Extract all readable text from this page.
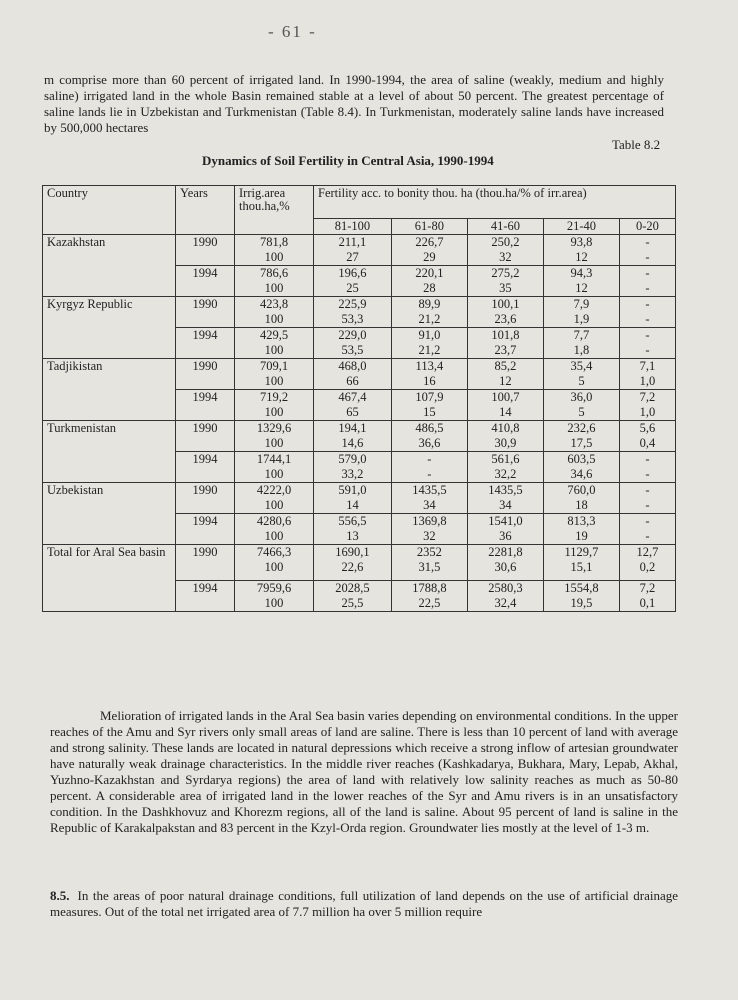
- 61 -
m comprise more than 60 percent of irrigated land. In 1990-1994, the area of saline (weakly, medium and highly saline) irrigated land in the whole Basin remained stable at a level of about 50 percent. The greatest percentage of saline lands lie in Uzbekistan and Turkmenistan (Table 8.4). In Turkmenistan, moderately saline lands have increased by 500,000 hectares
Table 8.2
Dynamics of Soil Fertility in Central Asia, 1990-1994
Country	Years	Irrig.area thou.ha,%	Fertility acc. to bonity thou. ha (thou.ha/% of irr.area)				
			81-100	61-80	41-60	21-40	0-20
Kazakhstan	1990	781,8	211,1	226,7	250,2	93,8	-
		100	27	29	32	12	-
	1994	786,6	196,6	220,1	275,2	94,3	-
		100	25	28	35	12	-
Kyrgyz Republic	1990	423,8	225,9	89,9	100,1	7,9	-
		100	53,3	21,2	23,6	1,9	-
	1994	429,5	229,0	91,0	101,8	7,7	-
		100	53,5	21,2	23,7	1,8	-
Tadjikistan	1990	709,1	468,0	113,4	85,2	35,4	7,1
		100	66	16	12	5	1,0
	1994	719,2	467,4	107,9	100,7	36,0	7,2
		100	65	15	14	5	1,0
Turkmenistan	1990	1329,6	194,1	486,5	410,8	232,6	5,6
		100	14,6	36,6	30,9	17,5	0,4
	1994	1744,1	579,0	-	561,6	603,5	-
		100	33,2	-	32,2	34,6	-
Uzbekistan	1990	4222,0	591,0	1435,5	1435,5	760,0	-
		100	14	34	34	18	-
	1994	4280,6	556,5	1369,8	1541,0	813,3	-
		100	13	32	36	19	-
Total for Aral Sea basin	1990	7466,3	1690,1	2352	2281,8	1129,7	12,7
		100	22,6	31,5	30,6	15,1	0,2
	1994	7959,6	2028,5	1788,8	2580,3	1554,8	7,2
		100	25,5	22,5	32,4	19,5	0,1
Melioration of irrigated lands in the Aral Sea basin varies depending on environmental conditions. In the upper reaches of the Amu and Syr rivers only small areas of land are saline. There is less than 10 percent of land with average and strong salinity. These lands are located in natural depressions which receive a strong inflow of artesian groundwater have naturally weak drainage characteristics. In the middle river reaches (Kashkadarya, Bukhara, Mary, Lepab, Akhal, Yuzhno-Kazakhstan and Syrdarya regions) the area of land with relatively low salinity reaches as much as 50-80 percent. A considerable area of irrigated land in the lower reaches of the Syr and Amu rivers is in an unsatisfactory condition. In the Dashkhovuz and Khorezm regions, all of the land is saline. About 95 percent of land is saline in the Republic of Karakalpakstan and 83 percent in the Kzyl-Orda region. Groundwater lies mostly at the level of 1-3 m.
8.5. In the areas of poor natural drainage conditions, full utilization of land depends on the use of artificial drainage measures. Out of the total net irrigated area of 7.7 million ha over 5 million require
